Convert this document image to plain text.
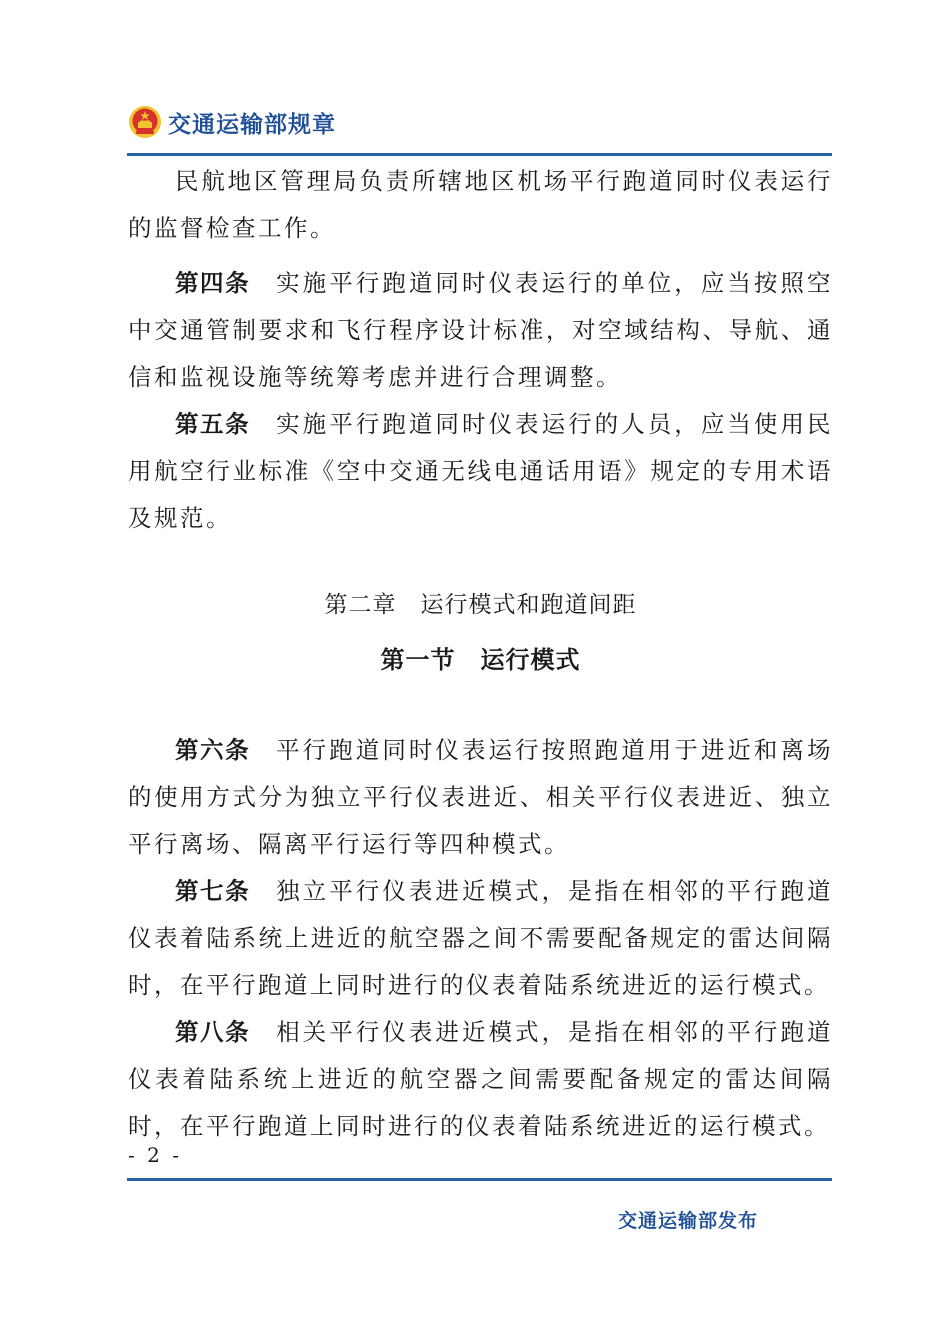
交通运输部规章

民航地区管理局负责所辖地区机场平行跑道同时仪表运行的监督检查工作。

第四条 实施平行跑道同时仪表运行的单位，应当按照空中交通管制要求和飞行程序设计标准，对空域结构、导航、通信和监视设施等统筹考虑并进行合理调整。

第五条 实施平行跑道同时仪表运行的人员，应当使用民用航空行业标准《空中交通无线电通话用语》规定的专用术语及规范。

第二章　运行模式和跑道间距
第一节　运行模式

第六条 平行跑道同时仪表运行按照跑道用于进近和离场的使用方式分为独立平行仪表进近、相关平行仪表进近、独立平行离场、隔离平行运行等四种模式。

第七条 独立平行仪表进近模式，是指在相邻的平行跑道仪表着陆系统上进近的航空器之间不需要配备规定的雷达间隔时，在平行跑道上同时进行的仪表着陆系统进近的运行模式。

第八条 相关平行仪表进近模式，是指在相邻的平行跑道仪表着陆系统上进近的航空器之间需要配备规定的雷达间隔时，在平行跑道上同时进行的仪表着陆系统进近的运行模式。

- 2 -
交通运输部发布
